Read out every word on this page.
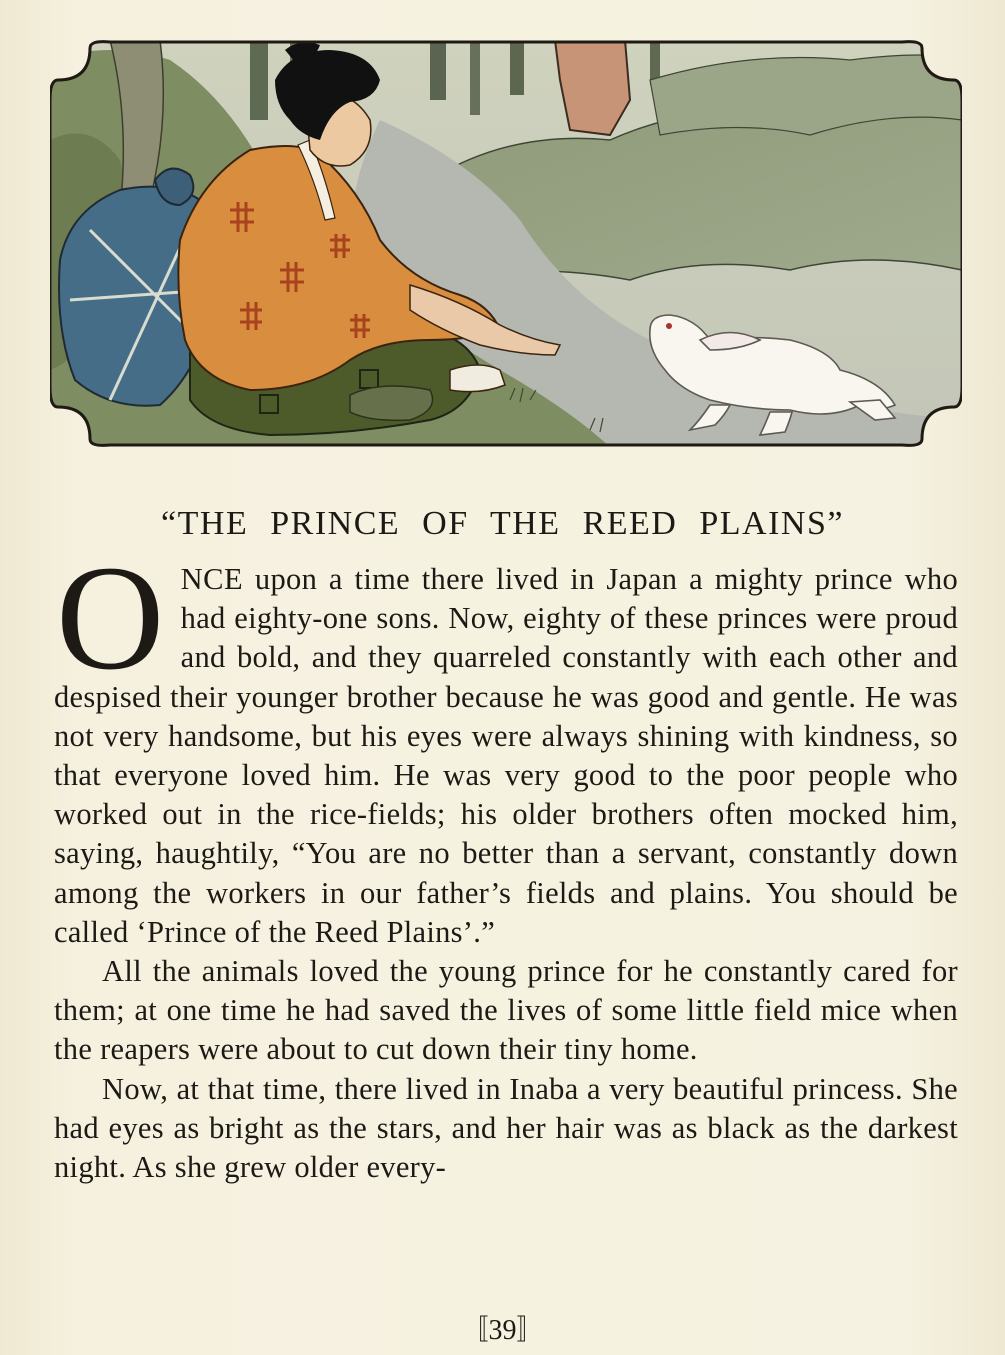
“THE PRINCE OF THE REED PLAINS”

ONCE upon a time there lived in Japan a mighty prince who had eighty-one sons. Now, eighty of these princes were proud and bold, and they quarreled constantly with each other and despised their younger brother because he was good and gentle. He was not very handsome, but his eyes were always shining with kindness, so that everyone loved him. He was very good to the poor people who worked out in the rice-fields; his older brothers often mocked him, saying, haughtily, “You are no better than a servant, constantly down among the workers in our father’s fields and plains. You should be called ‘Prince of the Reed Plains’.”

All the animals loved the young prince for he constantly cared for them; at one time he had saved the lives of some little field mice when the reapers were about to cut down their tiny home.

Now, at that time, there lived in Inaba a very beautiful princess. She had eyes as bright as the stars, and her hair was as black as the darkest night. As she grew older every-

〚39〛
